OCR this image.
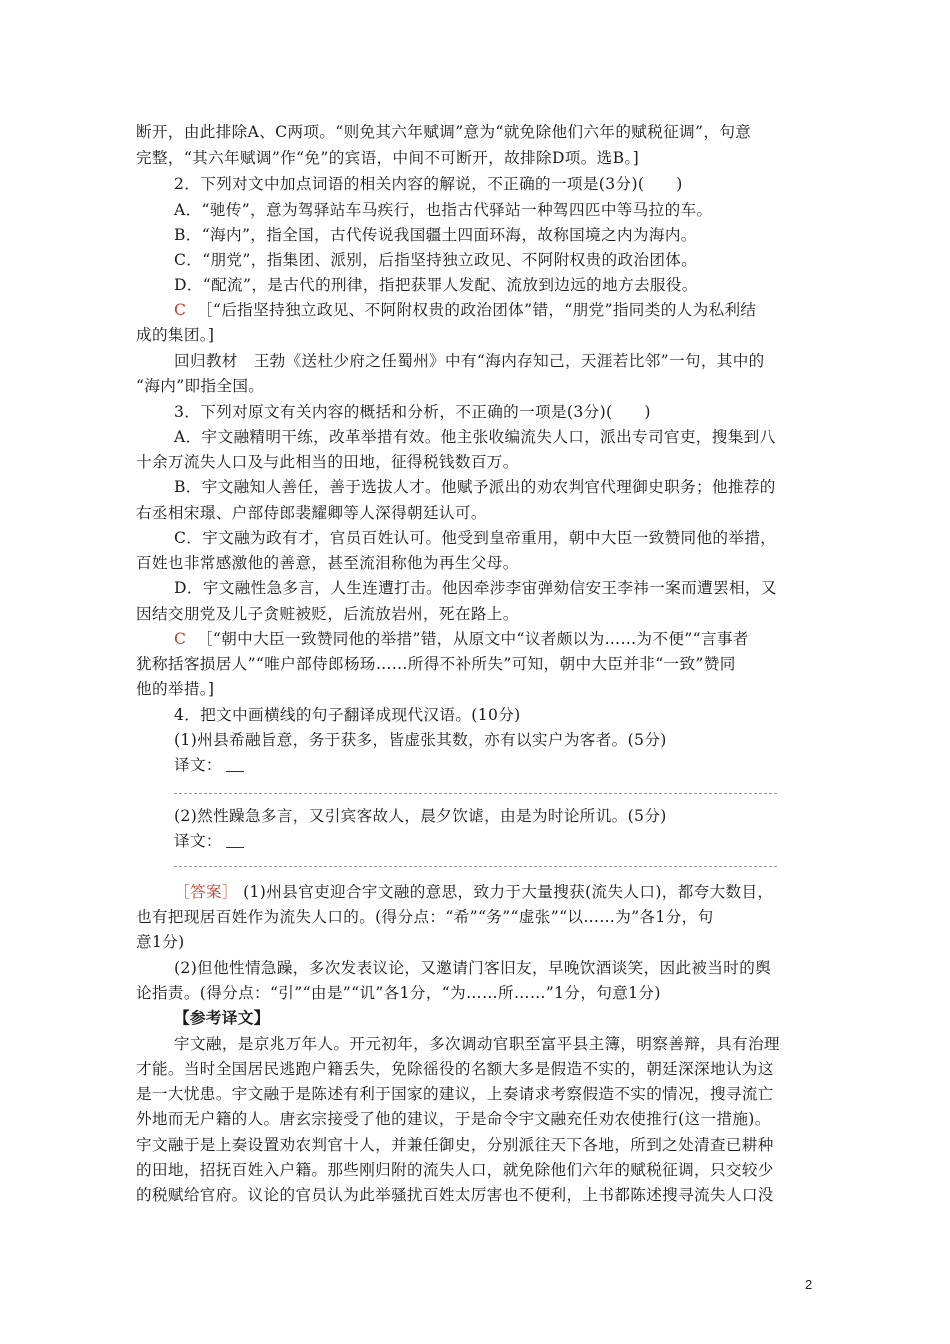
断开，由此排除A、C两项。“则免其六年赋调”意为“就免除他们六年的赋税征调”，句意
完整，“其六年赋调”作“免”的宾语，中间不可断开，故排除D项。选B。]
2．下列对文中加点词语的相关内容的解说，不正确的一项是(3分)(　　)
A．“驰传”，意为驾驿站车马疾行，也指古代驿站一种驾四匹中等马拉的车。
B．“海内”，指全国，古代传说我国疆土四面环海，故称国境之内为海内。
C．“朋党”，指集团、派别，后指坚持独立政见、不阿附权贵的政治团体。
D．“配流”，是古代的刑律，指把获罪人发配、流放到边远的地方去服役。
C ［“后指坚持独立政见、不阿附权贵的政治团体”错，“朋党”指同类的人为私利结
成的集团。]
回归教材　王勃《送杜少府之任蜀州》中有“海内存知己，天涯若比邻”一句，其中的
“海内”即指全国。
3．下列对原文有关内容的概括和分析，不正确的一项是(3分)(　　)
A．宇文融精明干练，改革举措有效。他主张收编流失人口，派出专司官吏，搜集到八
十余万流失人口及与此相当的田地，征得税钱数百万。
B．宇文融知人善任，善于选拔人才。他赋予派出的劝农判官代理御史职务；他推荐的
右丞相宋璟、户部侍郎裴耀卿等人深得朝廷认可。
C．宇文融为政有才，官员百姓认可。他受到皇帝重用，朝中大臣一致赞同他的举措，
百姓也非常感激他的善意，甚至流泪称他为再生父母。
D．宇文融性急多言，人生连遭打击。他因牵涉李宙弹劾信安王李祎一案而遭罢相，又
因结交朋党及儿子贪赃被贬，后流放岩州，死在路上。
C ［“朝中大臣一致赞同他的举措”错，从原文中“议者颇以为……为不便”“言事者
犹称括客损居人”“唯户部侍郎杨玚……所得不补所失”可知，朝中大臣并非“一致”赞同
他的举措。]
4．把文中画横线的句子翻译成现代汉语。(10分)
(1)州县希融旨意，务于获多，皆虚张其数，亦有以实户为客者。(5分)
译文：
(2)然性躁急多言，又引宾客故人，晨夕饮谑，由是为时论所讥。(5分)
译文：
［答案］ (1)州县官吏迎合宇文融的意思，致力于大量搜获(流失人口)，都夸大数目，
也有把现居百姓作为流失人口的。(得分点：“希”“务”“虚张”“以……为”各1分，句
意1分)
(2)但他性情急躁，多次发表议论，又邀请门客旧友，早晚饮酒谈笑，因此被当时的舆
论指责。(得分点：“引”“由是”“讥”各1分，“为……所……”1分，句意1分)
【参考译文】
宇文融，是京兆万年人。开元初年，多次调动官职至富平县主簿，明察善辩，具有治理
才能。当时全国居民逃跑户籍丢失，免除徭役的名额大多是假造不实的，朝廷深深地认为这
是一大忧患。宇文融于是陈述有利于国家的建议，上奏请求考察假造不实的情况，搜寻流亡
外地而无户籍的人。唐玄宗接受了他的建议，于是命令宇文融充任劝农使推行(这一措施)。
宇文融于是上奏设置劝农判官十人，并兼任御史，分别派往天下各地，所到之处清查已耕种
的田地，招抚百姓入户籍。那些刚归附的流失人口，就免除他们六年的赋税征调，只交较少
的税赋给官府。议论的官员认为此举骚扰百姓太厉害也不便利，上书都陈述搜寻流失人口没
2
